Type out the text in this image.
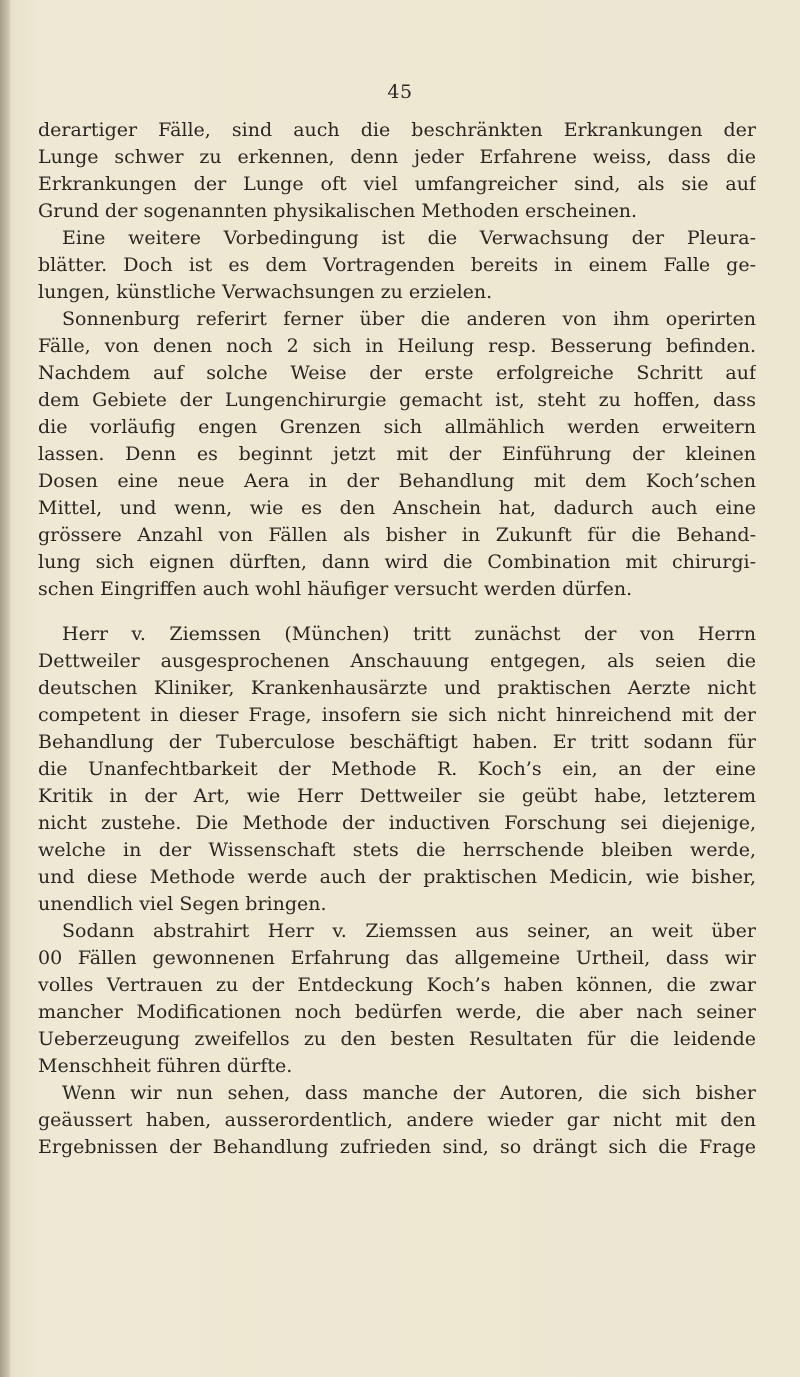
45
derartiger Fälle, sind auch die beschränkten Erkrankungen der
Lunge schwer zu erkennen, denn jeder Erfahrene weiss, dass die
Erkrankungen der Lunge oft viel umfangreicher sind, als sie auf
Grund der sogenannten physikalischen Methoden erscheinen.
Eine weitere Vorbedingung ist die Verwachsung der Pleura-
blätter. Doch ist es dem Vortragenden bereits in einem Falle ge-
lungen, künstliche Verwachsungen zu erzielen.
Sonnenburg referirt ferner über die anderen von ihm operirten
Fälle, von denen noch 2 sich in Heilung resp. Besserung befinden.
Nachdem auf solche Weise der erste erfolgreiche Schritt auf
dem Gebiete der Lungenchirurgie gemacht ist, steht zu hoffen, dass
die vorläufig engen Grenzen sich allmählich werden erweitern
lassen. Denn es beginnt jetzt mit der Einführung der kleinen
Dosen eine neue Aera in der Behandlung mit dem Koch’schen
Mittel, und wenn, wie es den Anschein hat, dadurch auch eine
grössere Anzahl von Fällen als bisher in Zukunft für die Behand-
lung sich eignen dürften, dann wird die Combination mit chirurgi-
schen Eingriffen auch wohl häufiger versucht werden dürfen.
Herr v. Ziemssen (München) tritt zunächst der von Herrn
Dettweiler ausgesprochenen Anschauung entgegen, als seien die
deutschen Kliniker, Krankenhausärzte und praktischen Aerzte nicht
competent in dieser Frage, insofern sie sich nicht hinreichend mit der
Behandlung der Tuberculose beschäftigt haben. Er tritt sodann für
die Unanfechtbarkeit der Methode R. Koch’s ein, an der eine
Kritik in der Art, wie Herr Dettweiler sie geübt habe, letzterem
nicht zustehe. Die Methode der inductiven Forschung sei diejenige,
welche in der Wissenschaft stets die herrschende bleiben werde,
und diese Methode werde auch der praktischen Medicin, wie bisher,
unendlich viel Segen bringen.
Sodann abstrahirt Herr v. Ziemssen aus seiner, an weit über
00 Fällen gewonnenen Erfahrung das allgemeine Urtheil, dass wir
volles Vertrauen zu der Entdeckung Koch’s haben können, die zwar
mancher Modificationen noch bedürfen werde, die aber nach seiner
Ueberzeugung zweifellos zu den besten Resultaten für die leidende
Menschheit führen dürfte.
Wenn wir nun sehen, dass manche der Autoren, die sich bisher
geäussert haben, ausserordentlich, andere wieder gar nicht mit den
Ergebnissen der Behandlung zufrieden sind, so drängt sich die Frage
